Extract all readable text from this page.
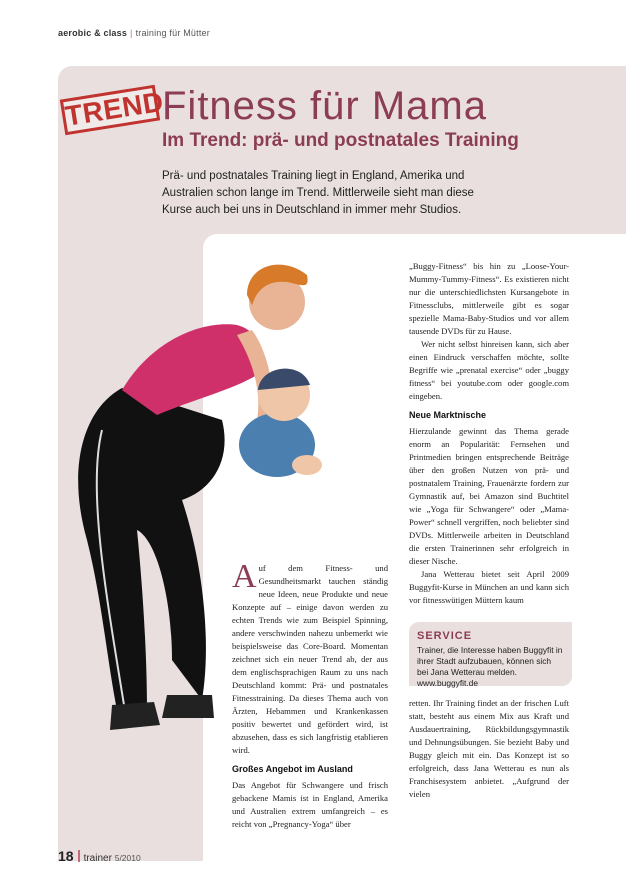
aerobic & class | training für Mütter
TREND
Fitness für Mama
Im Trend: prä- und postnatales Training

Prä- und postnatales Training liegt in England, Amerika und Australien schon lange im Trend. Mittlerweile sieht man diese Kurse auch bei uns in Deutschland in immer mehr Studios.

Auf dem Fitness- und Gesundheitsmarkt tauchen ständig neue Ideen, neue Produkte und neue Konzepte auf – einige davon werden zu echten Trends wie zum Beispiel Spinning, andere verschwinden nahezu unbemerkt wie beispielsweise das Core-Board. Momentan zeichnet sich ein neuer Trend ab, der aus dem englischsprachigen Raum zu uns nach Deutschland kommt: Prä- und postnatales Fitnesstraining. Da dieses Thema auch von Ärzten, Hebammen und Krankenkassen positiv bewertet und gefördert wird, ist abzusehen, dass es sich langfristig etablieren wird.

Großes Angebot im Ausland

Das Angebot für Schwangere und frisch gebackene Mamis ist in England, Amerika und Australien extrem umfangreich – es reicht von „Pregnancy-Yoga“ über

„Buggy-Fitness“ bis hin zu „Loose-Your-Mummy-Tummy-Fitness“. Es existieren nicht nur die unterschiedlichsten Kursangebote in Fitnessclubs, mittlerweile gibt es sogar spezielle Mama-Baby-Studios und vor allem tausende DVDs für zu Hause.

Wer nicht selbst hinreisen kann, sich aber einen Eindruck verschaffen möchte, sollte Begriffe wie „prenatal exercise“ oder „buggy fitness“ bei youtube.com oder google.com eingeben.

Neue Marktnische

Hierzulande gewinnt das Thema gerade enorm an Popularität: Fernsehen und Printmedien bringen entsprechende Beiträge über den großen Nutzen von prä- und postnatalem Training, Frauenärzte fordern zur Gymnastik auf, bei Amazon sind Buchtitel wie „Yoga für Schwangere“ oder „Mama-Power“ schnell vergriffen, noch beliebter sind DVDs. Mittlerweile arbeiten in Deutschland die ersten Trainerinnen sehr erfolgreich in dieser Nische.

Jana Wetterau bietet seit April 2009 Buggyfit-Kurse in München an und kann sich vor fitnesswütigen Müttern kaum

SERVICE

Trainer, die Interesse haben Buggyfit in ihrer Stadt aufzubauen, können sich bei Jana Wetterau melden.
www.buggyfit.de

retten. Ihr Training findet an der frischen Luft statt, besteht aus einem Mix aus Kraft und Ausdauertraining, Rückbildungsgymnastik und Dehnungsübungen. Sie bezieht Baby und Buggy gleich mit ein. Das Konzept ist so erfolgreich, dass Jana Wetterau es nun als Franchisesystem anbietet. „Aufgrund der vielen

18 trainer 5/2010
